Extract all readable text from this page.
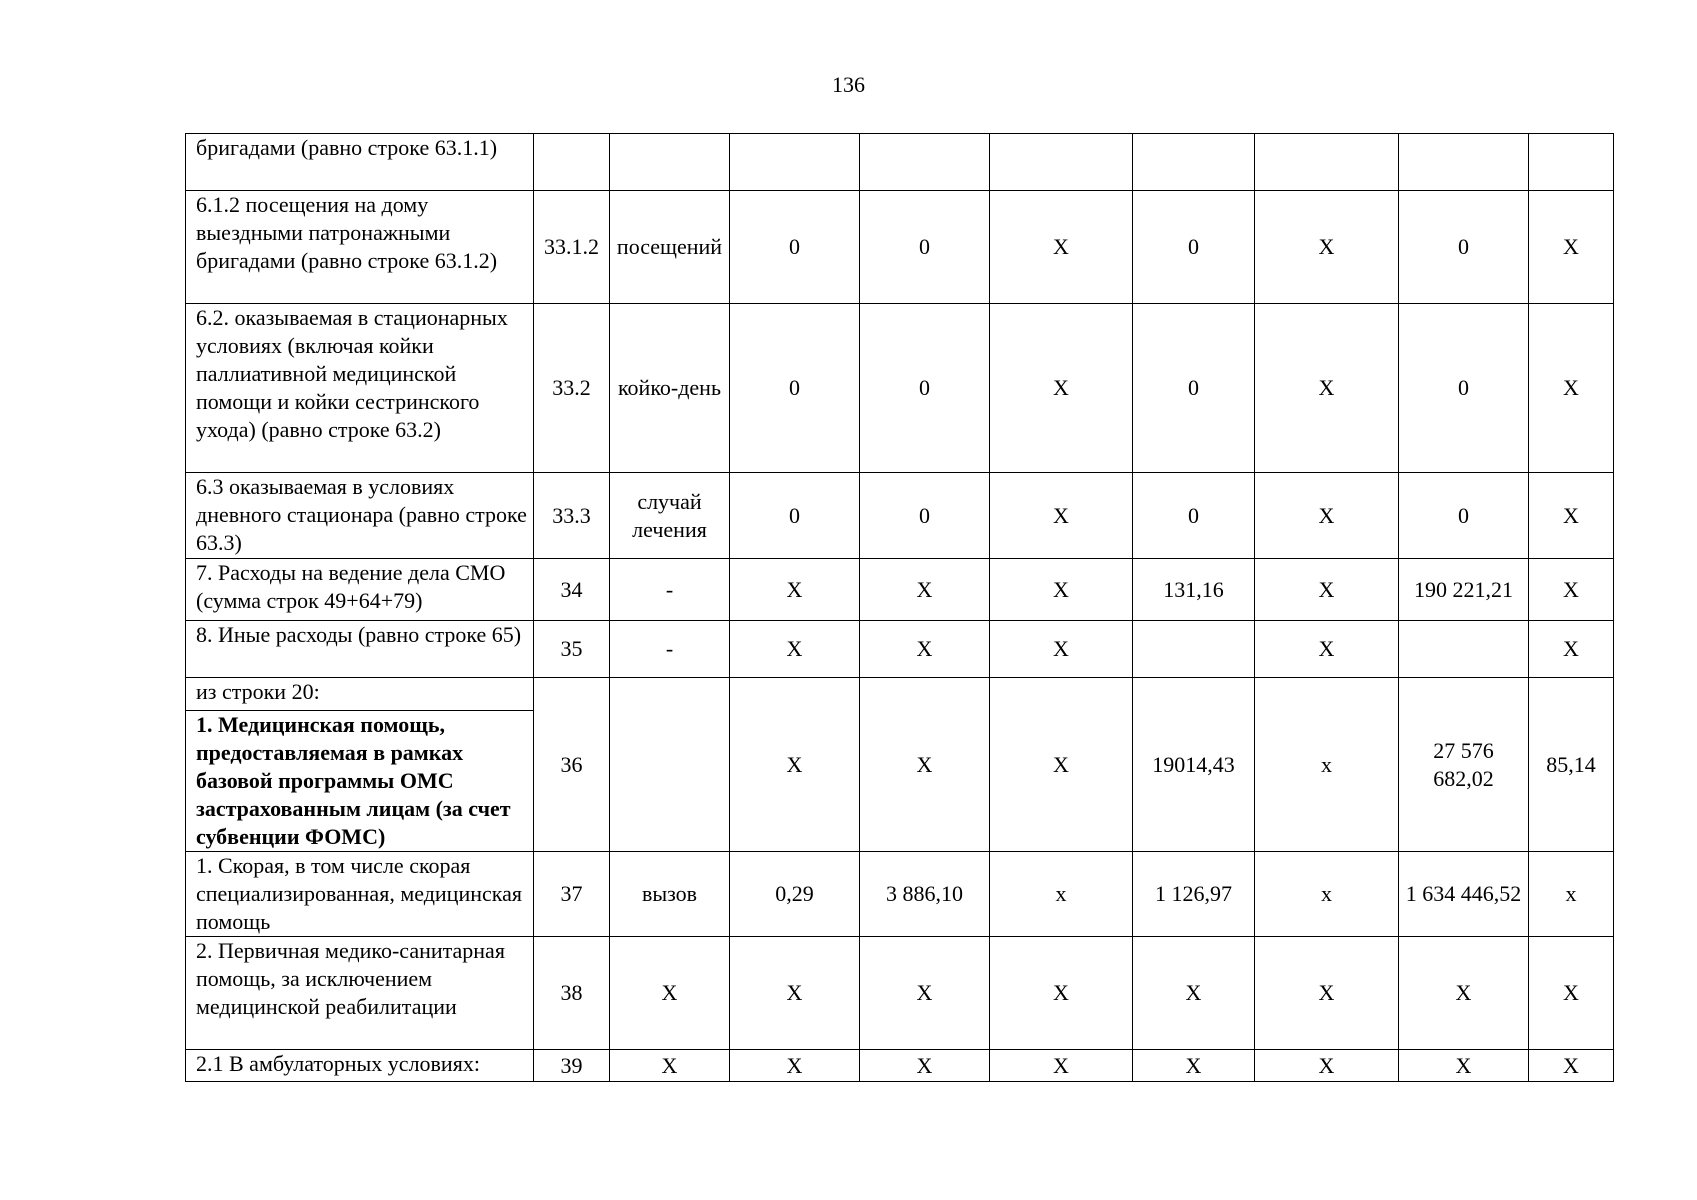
136
бригадами (равно строке 63.1.1)									
6.1.2 посещения на дому выездными патронажными бригадами (равно строке 63.1.2)	33.1.2	посещений	0	0	X	0	X	0	X
6.2. оказываемая в стационарных условиях (включая койки паллиативной медицинской помощи и койки сестринского ухода) (равно строке 63.2)	33.2	койко-день	0	0	X	0	X	0	X
6.3 оказываемая в условиях дневного стационара (равно строке 63.3)	33.3	случай лечения	0	0	X	0	X	0	X
7. Расходы на ведение дела СМО (сумма строк 49+64+79)	34	-	X	X	X	131,16	X	190 221,21	X
8. Иные расходы (равно строке 65)	35	-	X	X	X		X		X
из строки 20:	36		X	X	X	19014,43	x	27 576 682,02	85,14
1. Медицинская помощь, предоставляемая в рамках базовой программы ОМС застрахованным лицам (за счет субвенции ФОМС)									
1. Скорая, в том числе скорая специализированная, медицинская помощь	37	вызов	0,29	3 886,10	x	1 126,97	x	1 634 446,52	x
2. Первичная медико-санитарная помощь, за исключением медицинской реабилитации	38	X	X	X	X	X	X	X	X
2.1 В амбулаторных условиях:	39	X	X	X	X	X	X	X	X
